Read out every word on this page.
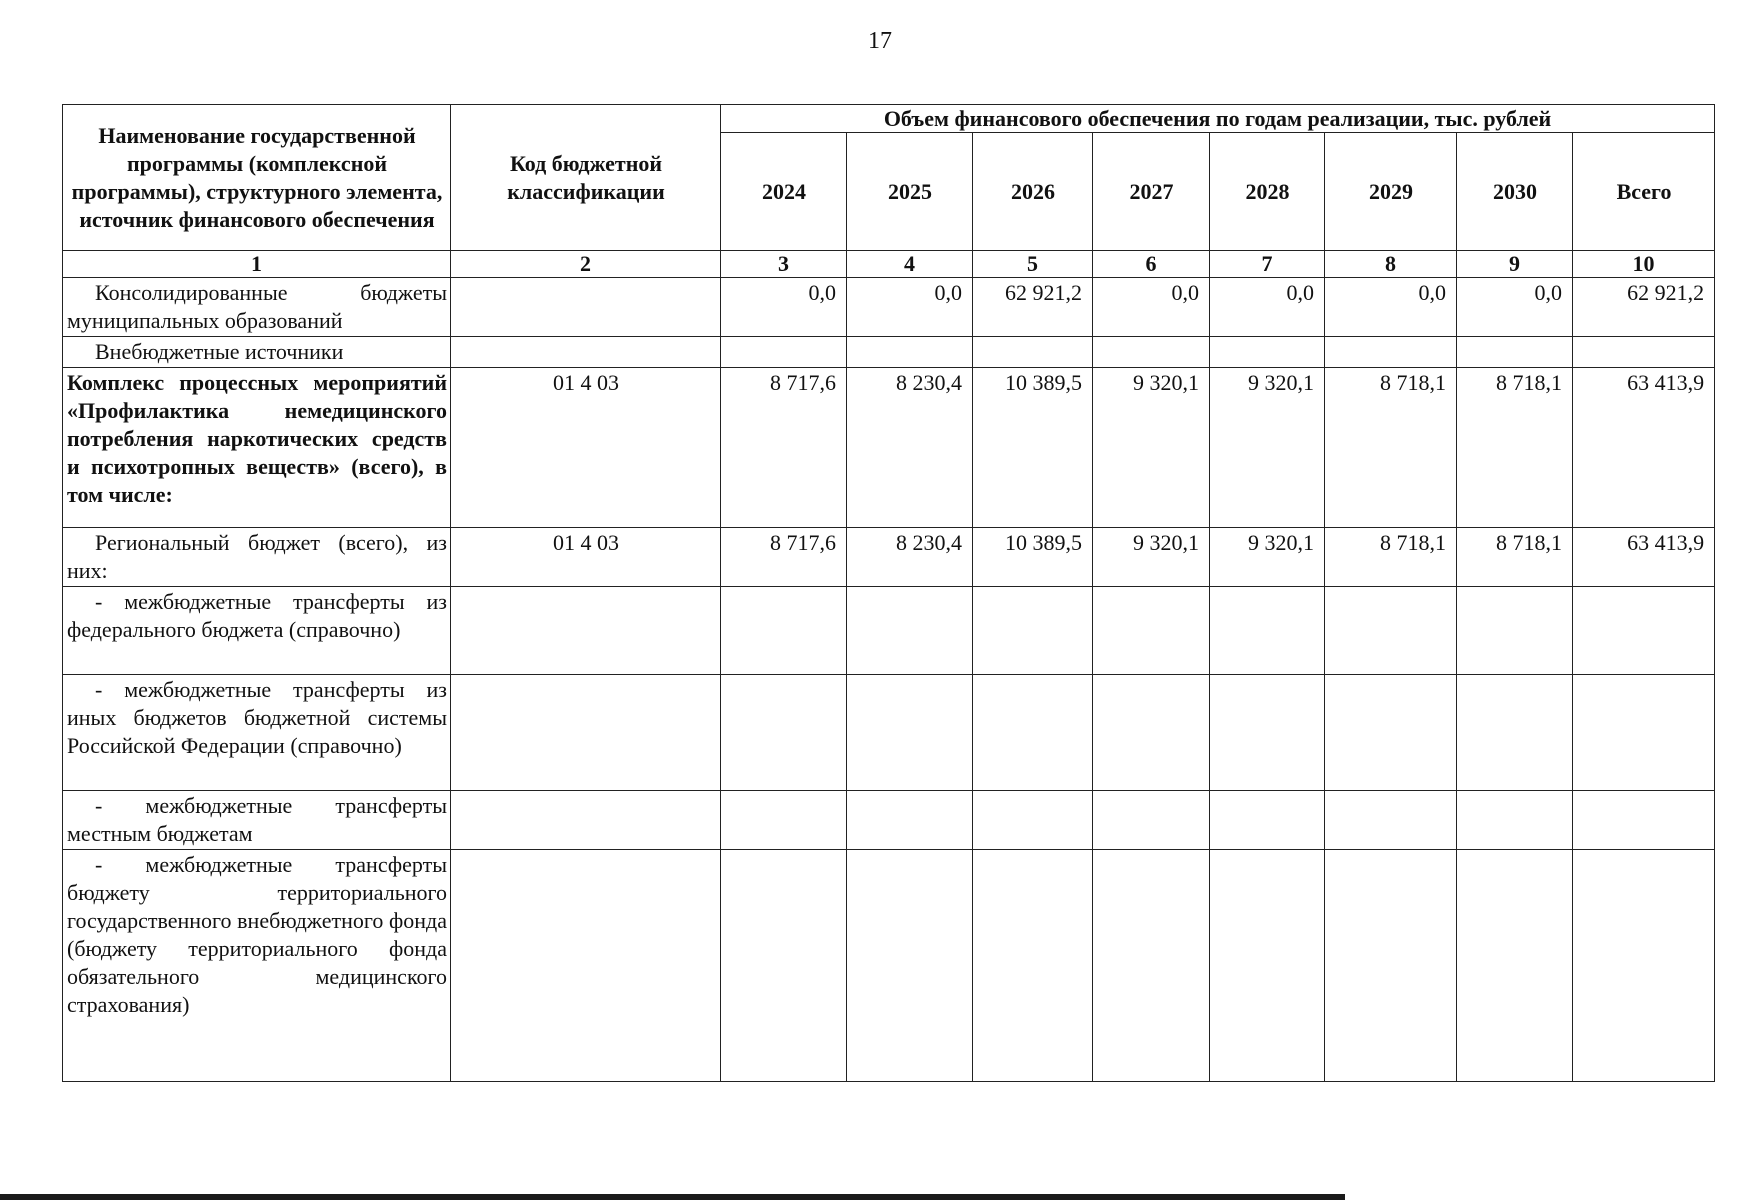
17
Наименование государственной программы (комплексной программы), структурного элемента, источник финансового обеспечения	Код бюджетной классификации	Объем финансового обеспечения по годам реализации, тыс. рублей							
		2024	2025	2026	2027	2028	2029	2030	Всего
1	2	3	4	5	6	7	8	9	10
Консолидированные бюджеты муниципальных образований		0,0	0,0	62 921,2	0,0	0,0	0,0	0,0	62 921,2
Внебюджетные источники									
Комплекс процессных мероприятий «Профилактика немедицинского потребления наркотических средств и психотропных веществ» (всего), в том числе:	01 4 03	8 717,6	8 230,4	10 389,5	9 320,1	9 320,1	8 718,1	8 718,1	63 413,9
Региональный бюджет (всего), из них:	01 4 03	8 717,6	8 230,4	10 389,5	9 320,1	9 320,1	8 718,1	8 718,1	63 413,9
- межбюджетные трансферты из федерального бюджета (справочно)									
- межбюджетные трансферты из иных бюджетов бюджетной системы Российской Федерации (справочно)									
- межбюджетные трансферты местным бюджетам									
- межбюджетные трансферты бюджету территориального государственного внебюджетного фонда (бюджету территориального фонда обязательного медицинского страхования)									
